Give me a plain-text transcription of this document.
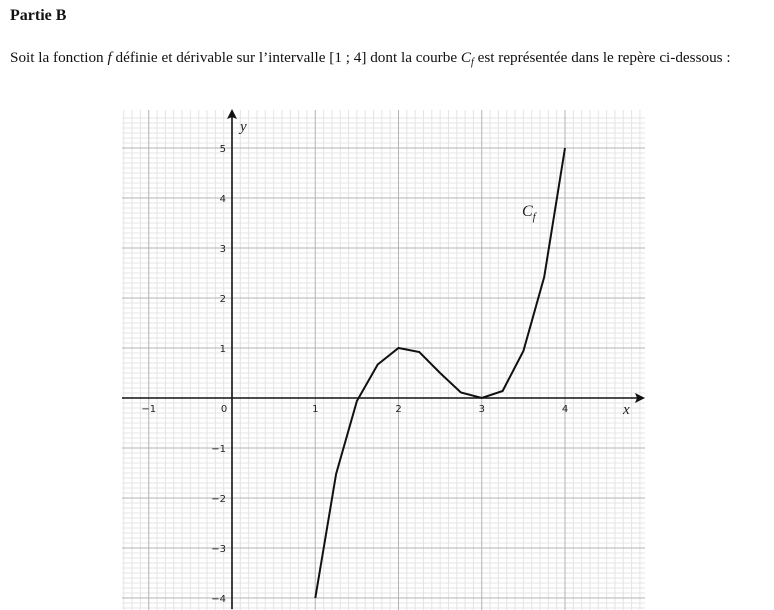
Partie B
Soit la fonction f définie et dérivable sur l’intervalle [1 ; 4] dont la courbe $C_f$ est représentée dans le repère ci-dessous :
−1	1	2	3	4
5
4
3
2
1
−1
−2
−3
−4
0	x
y
$C_f$
